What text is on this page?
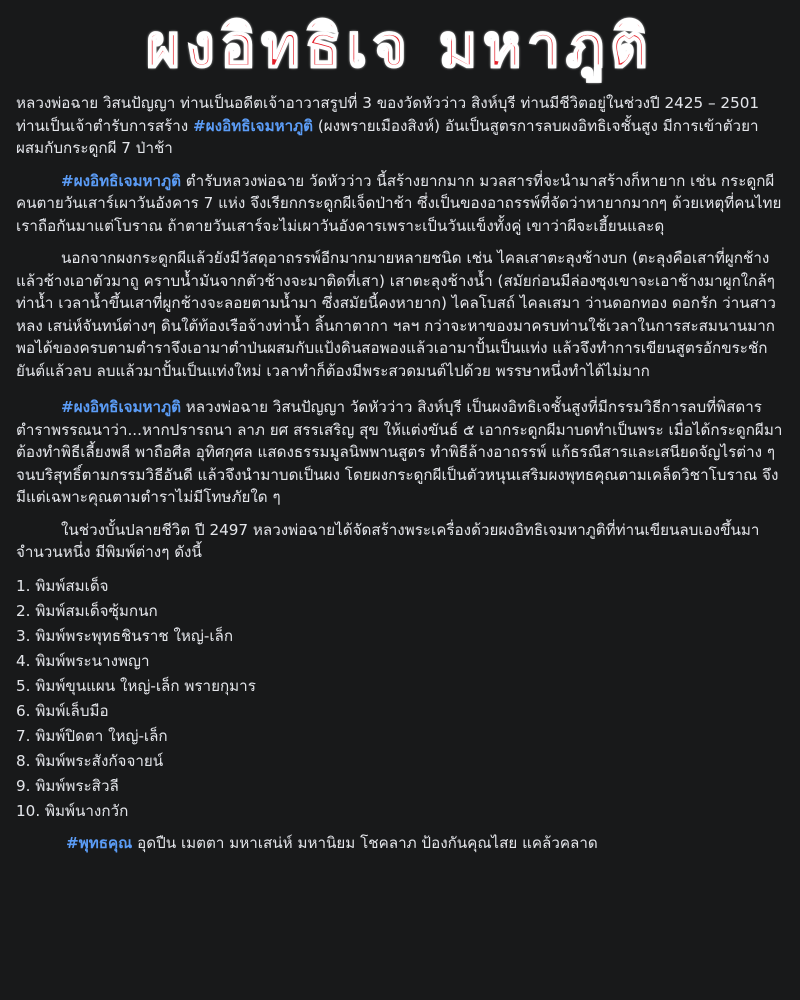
ผงอิทธิเจ มหาภูติ

หลวงพ่อฉาย วิสนปัญญา ท่านเป็นอดีตเจ้าอาวาสรูปที่ 3 ของวัดหัวว่าว สิงห์บุรี ท่านมีชีวิตอยู่ในช่วงปี 2425 – 2501 ท่านเป็นเจ้าตำรับการสร้าง #ผงอิทธิเจมหาภูติ (ผงพรายเมืองสิงห์) อันเป็นสูตรการลบผงอิทธิเจชั้นสูง มีการเข้าตัวยาผสมกับกระดูกผี 7 ป่าช้า

#ผงอิทธิเจมหาภูติ ตำรับหลวงพ่อฉาย วัดหัวว่าว นี้สร้างยากมาก มวลสารที่จะนำมาสร้างก็หายาก เช่น กระดูกผีคนตายวันเสาร์เผาวันอังคาร 7 แห่ง จึงเรียกกระดูกผีเจ็ดป่าช้า ซึ่งเป็นของอาถรรพ์ที่จัดว่าหายากมากๆ ด้วยเหตุที่คนไทยเราถือกันมาแต่โบราณ ถ้าตายวันเสาร์จะไม่เผาวันอังคารเพราะเป็นวันแข็งทั้งคู่ เขาว่าผีจะเฮี้ยนและดุ

นอกจากผงกระดูกผีแล้วยังมีวัสดุอาถรรพ์อีกมากมายหลายชนิด เช่น ไคลเสาตะลุงช้างบก (ตะลุงคือเสาที่ผูกช้างแล้วช้างเอาตัวมาถู คราบน้ำมันจากตัวช้างจะมาติดที่เสา) เสาตะลุงช้างน้ำ (สมัยก่อนมีล่องซุงเขาจะเอาช้างมาผูกใกล้ๆ ท่าน้ำ เวลาน้ำขึ้นเสาที่ผูกช้างจะลอยตามน้ำมา ซึ่งสมัยนี้คงหายาก) ไคลโบสถ์ ไคลเสมา ว่านดอกทอง ดอกรัก ว่านสาวหลง เสน่ห์จันทน์ต่างๆ ดินใต้ท้องเรือจ้างท่าน้ำ ลิ้นกาตากา ฯลฯ กว่าจะหาของมาครบท่านใช้เวลาในการสะสมนานมาก พอได้ของครบตามตำราจึงเอามาตำป่นผสมกับแป้งดินสอพองแล้วเอามาปั้นเป็นแท่ง แล้วจึงทำการเขียนสูตรอักขระชักยันต์แล้วลบ ลบแล้วมาปั้นเป็นแท่งใหม่ เวลาทำก็ต้องมีพระสวดมนต์ไปด้วย พรรษาหนึ่งทำได้ไม่มาก

#ผงอิทธิเจมหาภูติ หลวงพ่อฉาย วิสนปัญญา วัดหัวว่าว สิงห์บุรี เป็นผงอิทธิเจชั้นสูงที่มีกรรมวิธีการลบที่พิสดาร ตำราพรรณนาว่า...หากปรารถนา ลาภ ยศ สรรเสริญ สุข ให้แต่งขันธ์ ๕ เอากระดูกผีมาบดทำเป็นพระ เมื่อได้กระดูกผีมาต้องทำพิธีเลี้ยงพลี พาถือศีล อุทิศกุศล แสดงธรรมมูลนิพพานสูตร ทำพิธีล้างอาถรรพ์ แก้ธรณีสารและเสนียดจัญไรต่าง ๆ จนบริสุทธิ์ตามกรรมวิธีอันดี แล้วจึงนำมาบดเป็นผง โดยผงกระดูกผีเป็นตัวหนุนเสริมผงพุทธคุณตามเคล็ดวิชาโบราณ จึงมีแต่เฉพาะคุณตามตำราไม่มีโทษภัยใด ๆ

ในช่วงบั้นปลายชีวิต ปี 2497 หลวงพ่อฉายได้จัดสร้างพระเครื่องด้วยผงอิทธิเจมหาภูติที่ท่านเขียนลบเองขึ้นมาจำนวนหนึ่ง มีพิมพ์ต่างๆ ดังนี้

1. พิมพ์สมเด็จ
2. พิมพ์สมเด็จซุ้มกนก
3. พิมพ์พระพุทธชินราช ใหญ่-เล็ก
4. พิมพ์พระนางพญา
5. พิมพ์ขุนแผน ใหญ่-เล็ก พรายกุมาร
6. พิมพ์เล็บมือ
7. พิมพ์ปิดตา ใหญ่-เล็ก
8. พิมพ์พระสังกัจจายน์
9. พิมพ์พระสิวลี
10. พิมพ์นางกวัก

#พุทธคุณ อุดปืน เมตตา มหาเสน่ห์ มหานิยม โชคลาภ ป้องกันคุณไสย แคล้วคลาด
